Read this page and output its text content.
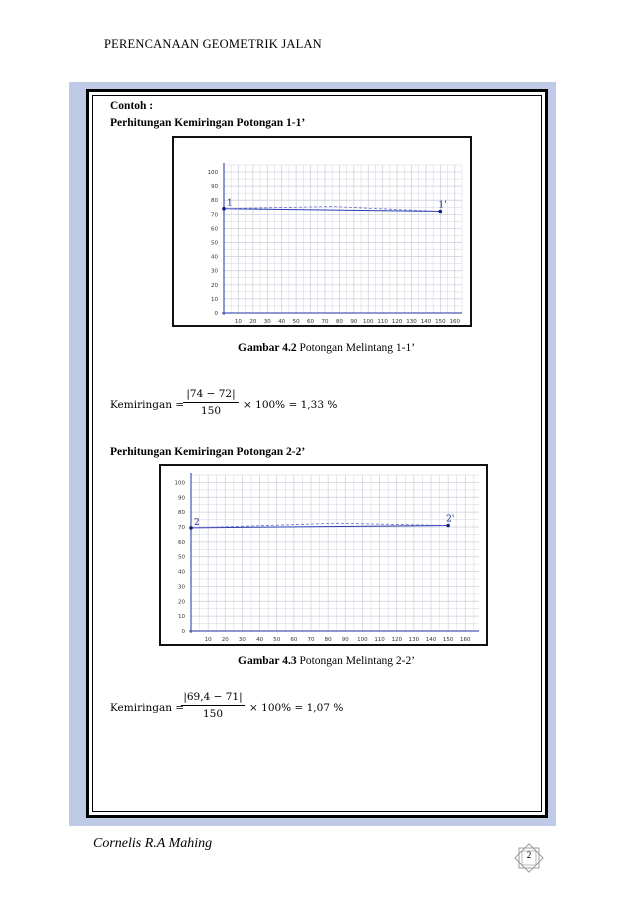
PERENCANAAN GEOMETRIK JALAN
Contoh :
Perhitungan Kemiringan Potongan 1-1’
0
10
20
30
40
50
60
70
80
90
100
10 20 30 40 50 60 70 80 90 100 110 120 130 140 150 160
1	1'
Gambar 4.2 Potongan Melintang 1-1’
Kemiringan =
|74 − 72|
150	× 100% = 1,33 %
Perhitungan Kemiringan Potongan 2-2’
0
10
20
30
40
50
60
70
80
90
100
10 20 30 40 50 60 70 80 90 100 110 120 130 140 150 160
2	2'
Gambar 4.3 Potongan Melintang 2-2’
Kemiringan =
|69,4 − 71|
150	× 100% = 1,07 %
Cornelis R.A Mahing
2
